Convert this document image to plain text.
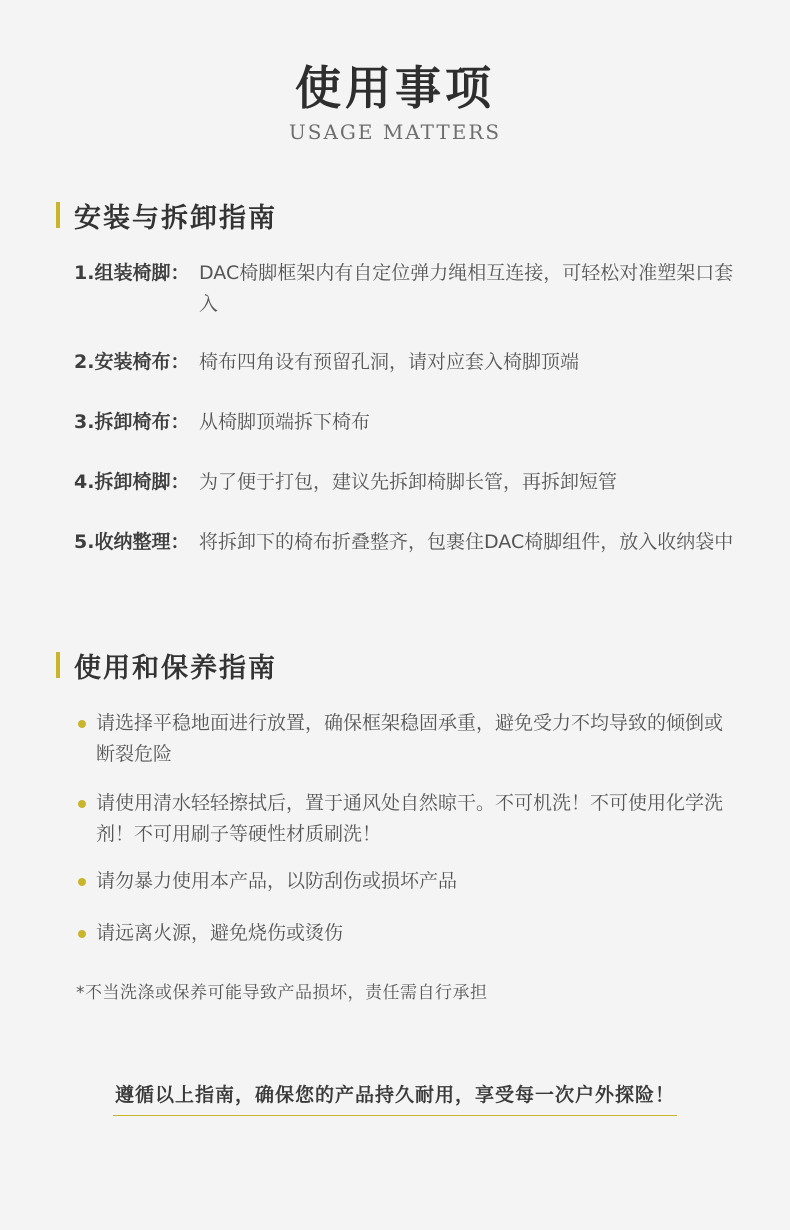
使用事项
USAGE MATTERS
安装与拆卸指南
1.组装椅脚： DAC椅脚框架内有自定位弹力绳相互连接，可轻松对准塑架口套入
2.安装椅布： 椅布四角设有预留孔洞，请对应套入椅脚顶端
3.拆卸椅布： 从椅脚顶端拆下椅布
4.拆卸椅脚： 为了便于打包，建议先拆卸椅脚长管，再拆卸短管
5.收纳整理： 将拆卸下的椅布折叠整齐，包裹住DAC椅脚组件，放入收纳袋中
使用和保养指南
请选择平稳地面进行放置，确保框架稳固承重，避免受力不均导致的倾倒或断裂危险
请使用清水轻轻擦拭后，置于通风处自然晾干。不可机洗！不可使用化学洗剂！不可用刷子等硬性材质刷洗！
请勿暴力使用本产品，以防刮伤或损坏产品
请远离火源，避免烧伤或烫伤
*不当洗涤或保养可能导致产品损坏，责任需自行承担
遵循以上指南，确保您的产品持久耐用，享受每一次户外探险！
